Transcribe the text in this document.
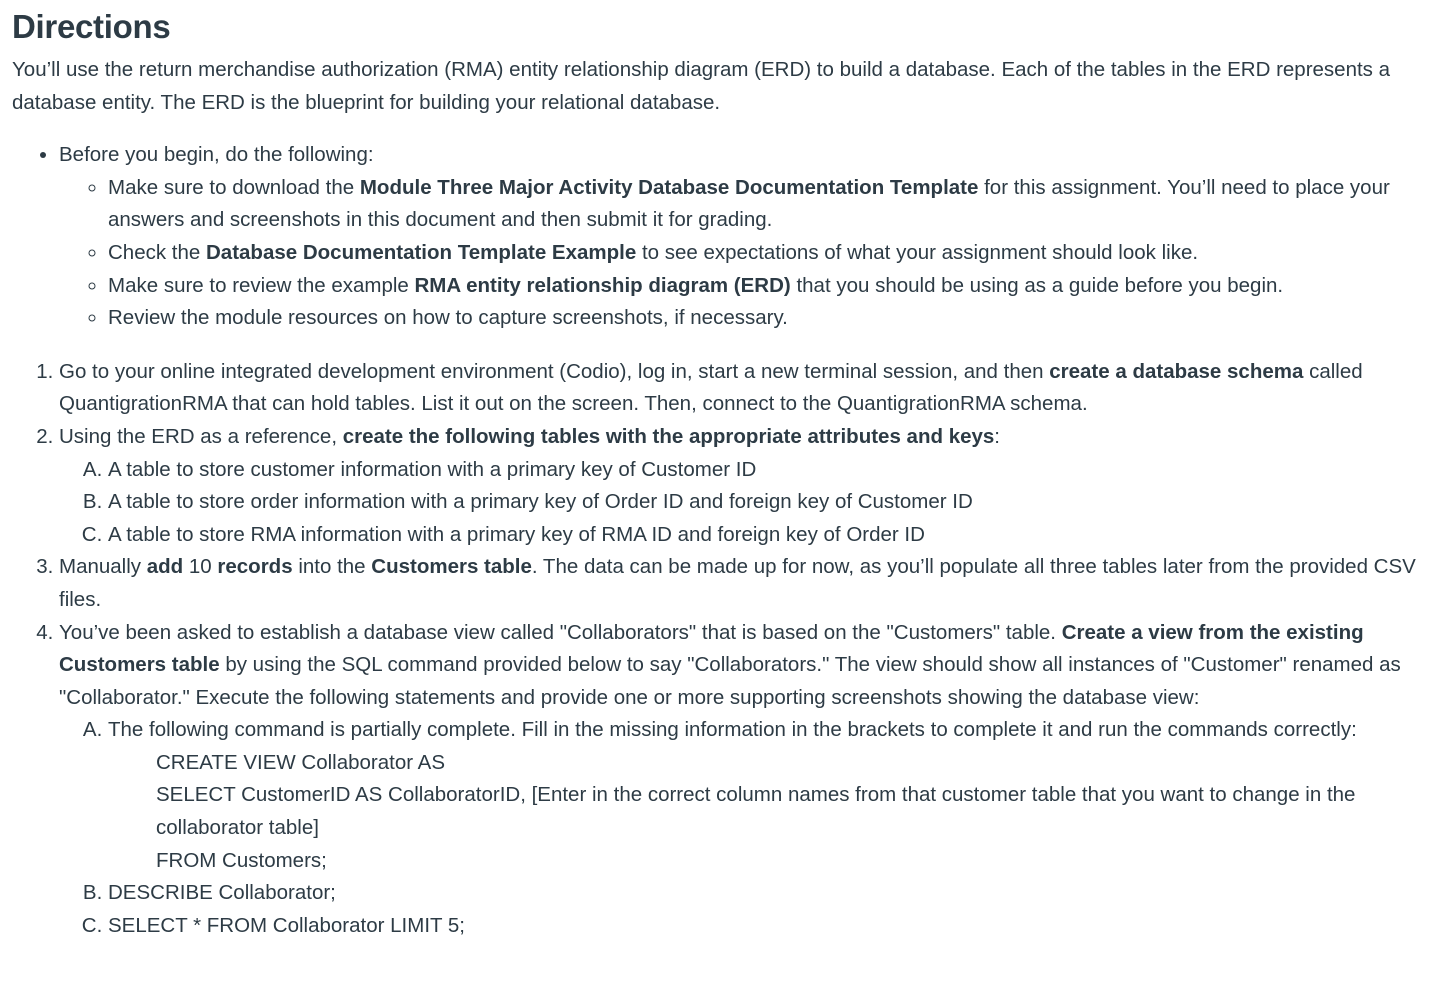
Directions

You’ll use the return merchandise authorization (RMA) entity relationship diagram (ERD) to build a database. Each of the tables in the ERD represents a database entity. The ERD is the blueprint for building your relational database.

• Before you begin, do the following:
◦ Make sure to download the Module Three Major Activity Database Documentation Template for this assignment. You’ll need to place your answers and screenshots in this document and then submit it for grading.
◦ Check the Database Documentation Template Example to see expectations of what your assignment should look like.
◦ Make sure to review the example RMA entity relationship diagram (ERD) that you should be using as a guide before you begin.
◦ Review the module resources on how to capture screenshots, if necessary.
1. Go to your online integrated development environment (Codio), log in, start a new terminal session, and then create a database schema called QuantigrationRMA that can hold tables. List it out on the screen. Then, connect to the QuantigrationRMA schema.
2. Using the ERD as a reference, create the following tables with the appropriate attributes and keys:
A. A table to store customer information with a primary key of Customer ID
B. A table to store order information with a primary key of Order ID and foreign key of Customer ID
C. A table to store RMA information with a primary key of RMA ID and foreign key of Order ID
3. Manually add 10 records into the Customers table. The data can be made up for now, as you’ll populate all three tables later from the provided CSV files.
4. You’ve been asked to establish a database view called "Collaborators" that is based on the "Customers" table. Create a view from the existing Customers table by using the SQL command provided below to say "Collaborators." The view should show all instances of "Customer" renamed as "Collaborator." Execute the following statements and provide one or more supporting screenshots showing the database view:
A. The following command is partially complete. Fill in the missing information in the brackets to complete it and run the commands correctly:
CREATE VIEW Collaborator AS
SELECT CustomerID AS CollaboratorID, [Enter in the correct column names from that customer table that you want to change in the collaborator table]
FROM Customers;
B. DESCRIBE Collaborator;
C. SELECT * FROM Collaborator LIMIT 5;
